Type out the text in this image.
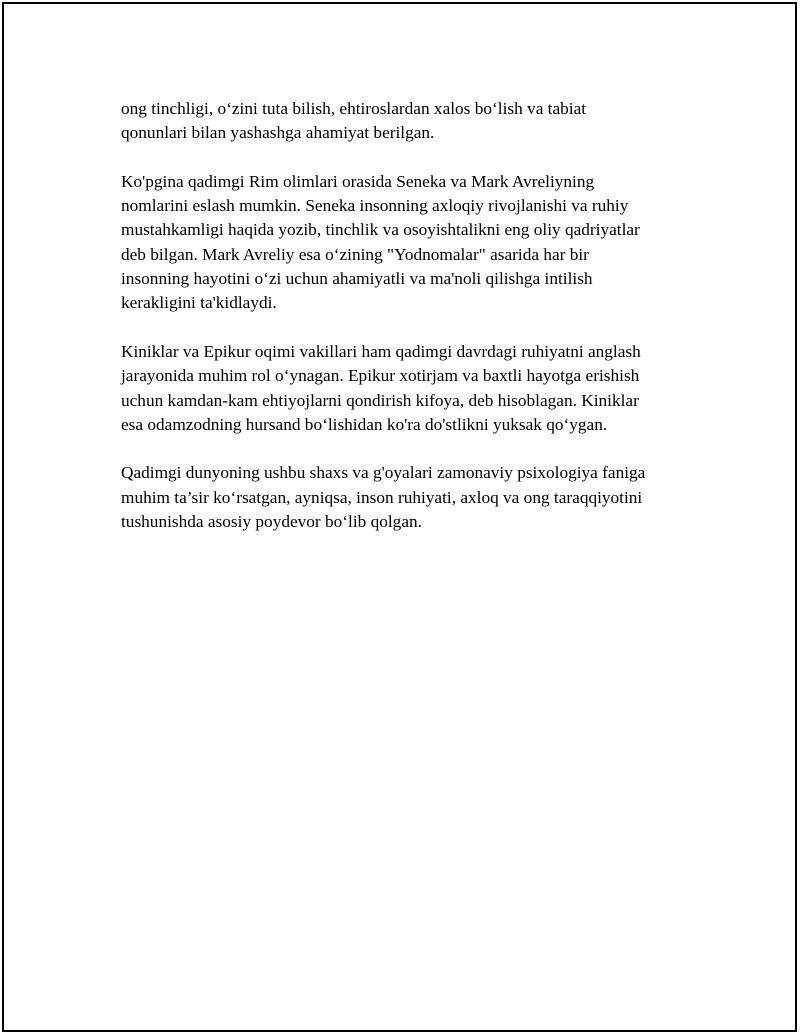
ong tinchligi, o‘zini tuta bilish, ehtiroslardan xalos bo‘lish va tabiat
qonunlari bilan yashashga ahamiyat berilgan.

Ko'pgina qadimgi Rim olimlari orasida Seneka va Mark Avreliyning
nomlarini eslash mumkin. Seneka insonning axloqiy rivojlanishi va ruhiy
mustahkamligi haqida yozib, tinchlik va osoyishtalikni eng oliy qadriyatlar
deb bilgan. Mark Avreliy esa o‘zining "Yodnomalar" asarida har bir
insonning hayotini o‘zi uchun ahamiyatli va ma'noli qilishga intilish
kerakligini ta'kidlaydi.

Kiniklar va Epikur oqimi vakillari ham qadimgi davrdagi ruhiyatni anglash
jarayonida muhim rol o‘ynagan. Epikur xotirjam va baxtli hayotga erishish
uchun kamdan-kam ehtiyojlarni qondirish kifoya, deb hisoblagan. Kiniklar
esa odamzodning hursand bo‘lishidan ko'ra do'stlikni yuksak qo‘ygan.

Qadimgi dunyoning ushbu shaxs va g'oyalari zamonaviy psixologiya faniga
muhim ta’sir ko‘rsatgan, ayniqsa, inson ruhiyati, axloq va ong taraqqiyotini
tushunishda asosiy poydevor bo‘lib qolgan.
